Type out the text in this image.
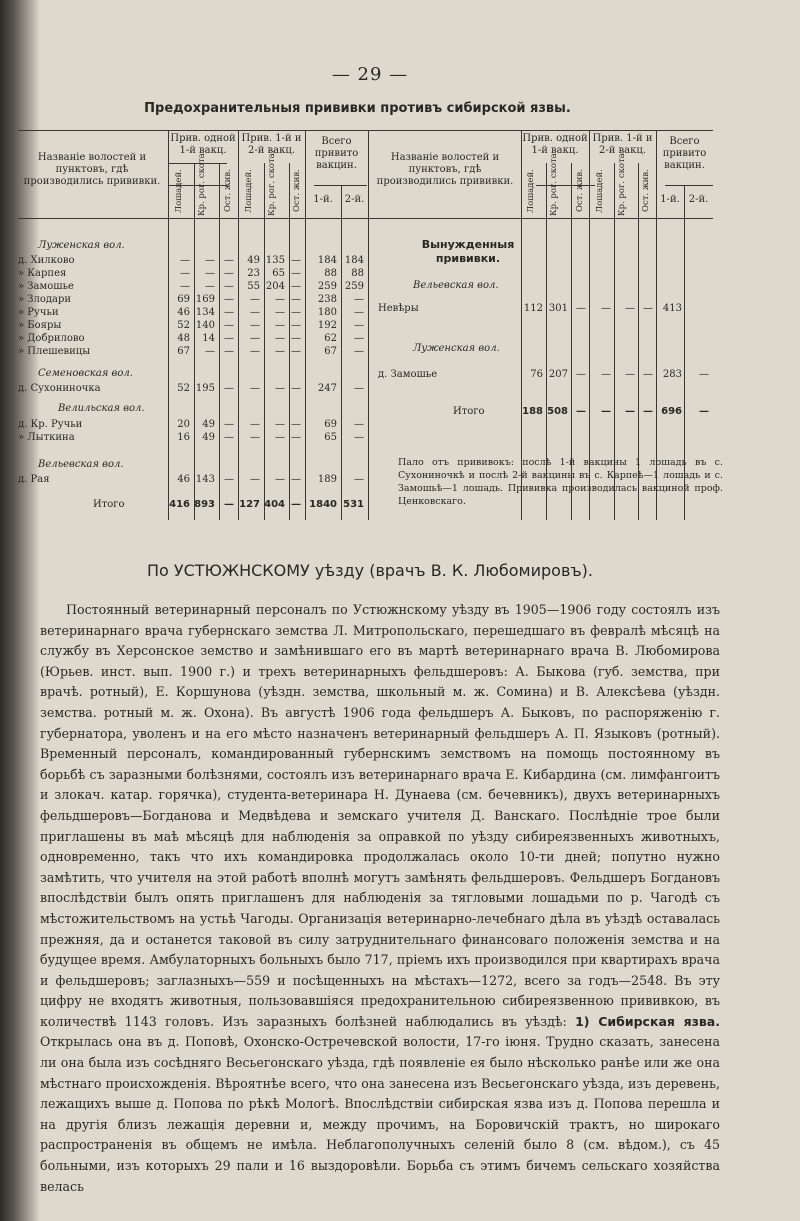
— 29 —
Предохранительныя прививки противъ сибирской язвы.
Названіе волостей и пунктовъ, гдѣ производились прививки.
Прив. одной 1-й вакц.
Прив. 1-й и 2-й вакц.
Всего привито вакцин.
Лошадей. Кр. рог. скота.	Ост. жив. Лошадей. Кр. рог. скота.	Ост. жив.	1-й.	2-й.
Названіе волостей и пунктовъ, гдѣ производились прививки.
Прив. одной 1-й вакц.
Прив. 1-й и 2-й вакц.
Всего привито вакцин.
Лошадей. Кр. рог. скота.	Ост. жив. Лошадей. Кр. рог. скота.	Ост. жив. 1-й. 2-й.
Луженская вол.
д. Хилково	— — — 49 135 — 184 184
» Карпея	— — — 23 65 — 88 88
» Замошье	— — — 55 204 — 259 259
» Злодари	69 169 — — — — 238 —
» Ручьи	46 134 — — — — 180 —
» Бояры	52 140 — — — — 192 —
» Добрилово	48 14 — — — — 62 —
» Плешевицы	67 — — — — — 67 —
Семеновская вол.
д. Сухониночка	52 195 — — — — 247 —
Велильская вол.
д. Кр. Ручьи	20 49 — — — — 69 —
» Лыткина	16 49 — — — — 65 —
Вельевская вол.
д. Рая	46 143 — — — — 189 —
Итого	416 893 — 127 404 — 1840 531
Вынужденныя прививки.
Вельевская вол.
Невѣры	112 301 — — — — 413
Луженская вол.
д. Замошье	76 207 — — — — 283 —
Итого	188 508 — — — — 696 —
Пало отъ прививокъ: послѣ 1-й вакцины 1 лошадь въ с. Сухониночкѣ и послѣ 2-й вакцины въ с. Карпеѣ—1 лошадь и с. Замошьѣ—1 лошадь. Прививка производилась вакциной проф. Ценковскаго.
По УСТЮЖНСКОМУ уѣзду (врачъ В. К. Любомировъ).

Постоянный ветеринарный персоналъ по Устюжнскому уѣзду въ 1905—1906 году состоялъ изъ ветеринарнаго врача губернскаго земства Л. Митропольскаго, перешедшаго въ февралѣ мѣсяцѣ на службу въ Херсонское земство и замѣнившаго его въ мартѣ ветеринарнаго врача В. Любомирова (Юрьев. инст. вып. 1900 г.) и трехъ ветеринарныхъ фельдшеровъ: А. Быкова (губ. земства, при врачѣ. ротный), Е. Коршунова (уѣздн. земства, школьный м. ж. Сомина) и В. Алексѣева (уѣздн. земства. ротный м. ж. Охона). Въ августѣ 1906 года фельдшеръ А. Быковъ, по распоряженію г. губернатора, уволенъ и на его мѣсто назначенъ ветеринарный фельдшеръ А. П. Языковъ (ротный). Временный персоналъ, командированный губернскимъ земствомъ на помощь постоянному въ борьбѣ съ заразными болѣзнями, состоялъ изъ ветеринарнаго врача Е. Кибардина (см. лимфангоитъ и злокач. катар. горячка), студента-ветеринара Н. Дунаева (см. бечевникъ), двухъ ветеринарныхъ фельдшеровъ—Богданова и Медвѣдева и земскаго учителя Д. Ванскаго. Послѣдніе трое были приглашены въ маѣ мѣсяцѣ для наблюденія за оправкой по уѣзду сибиреязвенныхъ животныхъ, одновременно, такъ что ихъ командировка продолжалась около 10-ти дней; попутно нужно замѣтить, что учителя на этой работѣ вполнѣ могутъ замѣнять фельдшеровъ. Фельдшеръ Богдановъ впослѣдствіи былъ опять приглашенъ для наблюденія за тягловыми лошадьми по р. Чагодѣ съ мѣстожительствомъ на устьѣ Чагоды. Организація ветеринарно-лечебнаго дѣла въ уѣздѣ оставалась прежняя, да и останется таковой въ силу затруднительнаго финансоваго положенія земства и на будущее время. Амбулаторныхъ больныхъ было 717, пріемъ ихъ производился при квартирахъ врача и фельдшеровъ; заглазныхъ—559 и посѣщенныхъ на мѣстахъ—1272, всего за годъ—2548. Въ эту цифру не входятъ животныя, пользовавшіяся предохранительною сибиреязвенною прививкою, въ количествѣ 1143 головъ. Изъ заразныхъ болѣзней наблюдались въ уѣздѣ: 1) Сибирская язва. Открылась она въ д. Поповѣ, Охонско-Остречевской волости, 17-го іюня. Трудно сказать, занесена ли она была изъ сосѣдняго Весьегонскаго уѣзда, гдѣ появленіе ея было нѣсколько ранѣе или же она мѣстнаго происхожденія. Вѣроятнѣе всего, что она занесена изъ Весьегонскаго уѣзда, изъ деревень, лежащихъ выше д. Попова по рѣкѣ Мологѣ. Впослѣдствіи сибирская язва изъ д. Попова перешла и на другія близъ лежащія деревни и, между прочимъ, на Боровичскій трактъ, но широкаго распространенія въ общемъ не имѣла. Неблагополучныхъ селеній было 8 (см. вѣдом.), съ 45 больными, изъ которыхъ 29 пали и 16 выздоровѣли. Борьба съ этимъ бичемъ сельскаго хозяйства велась
